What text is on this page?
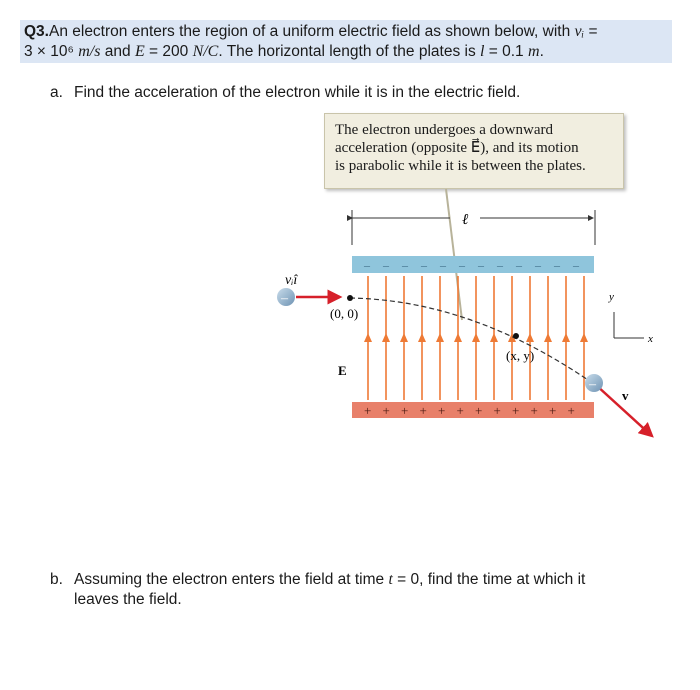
Q3.An electron enters the region of a uniform electric field as shown below, with vᵢ =
3 × 10⁶ m/s and E = 200 N/C. The horizontal length of the plates is l = 0.1 m.
a. Find the acceleration of the electron while it is in the electric field.
The electron undergoes a downward
acceleration (opposite E⃗), and its motion
is parabolic while it is between the plates.
ℓ
– – – – – – – – – – – –
+ + + + + + + + + + + +
–
vᵢî
(0, 0)
(x, y)
E⃗
–
v⃗
y
x
b. Assuming the electron enters the field at time t = 0, find the time at which it
leaves the field.
